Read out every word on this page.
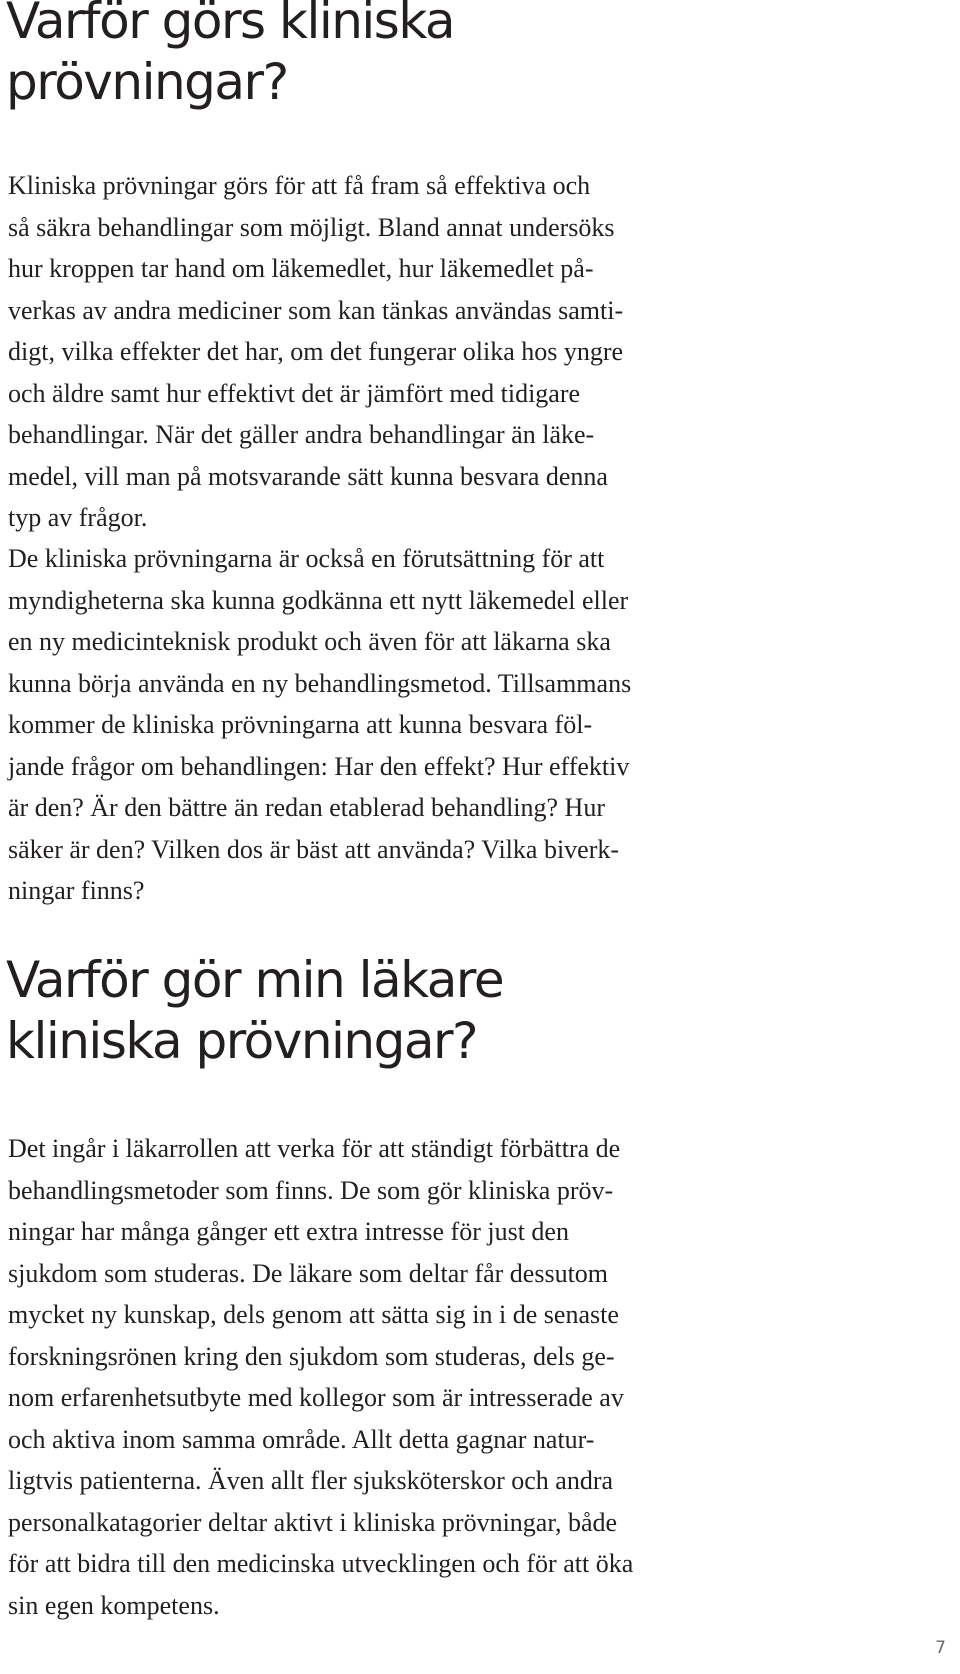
Varför görs kliniska
prövningar?

Kliniska prövningar görs för att få fram så effektiva och
så säkra behandlingar som möjligt. Bland annat undersöks
hur kroppen tar hand om läkemedlet, hur läkemedlet på-
verkas av andra mediciner som kan tänkas användas samti-
digt, vilka effekter det har, om det fungerar olika hos yngre
och äldre samt hur effektivt det är jämfört med tidigare
behandlingar. När det gäller andra behandlingar än läke-
medel, vill man på motsvarande sätt kunna besvara denna
typ av frågor.

De kliniska prövningarna är också en förutsättning för att
myndigheterna ska kunna godkänna ett nytt läkemedel eller
en ny medicinteknisk produkt och även för att läkarna ska
kunna börja använda en ny behandlingsmetod. Tillsammans
kommer de kliniska prövningarna att kunna besvara föl-
jande frågor om behandlingen: Har den effekt? Hur effektiv
är den? Är den bättre än redan etablerad behandling? Hur
säker är den? Vilken dos är bäst att använda? Vilka biverk-
ningar finns?

Varför gör min läkare
kliniska prövningar?

Det ingår i läkarrollen att verka för att ständigt förbättra de
behandlingsmetoder som finns. De som gör kliniska pröv-
ningar har många gånger ett extra intresse för just den
sjukdom som studeras. De läkare som deltar får dessutom
mycket ny kunskap, dels genom att sätta sig in i de senaste
forskningsrönen kring den sjukdom som studeras, dels ge-
nom erfarenhetsutbyte med kollegor som är intresserade av
och aktiva inom samma område. Allt detta gagnar natur-
ligtvis patienterna. Även allt fler sjuksköterskor och andra
personalkatagorier deltar aktivt i kliniska prövningar, både
för att bidra till den medicinska utvecklingen och för att öka
sin egen kompetens.

7
